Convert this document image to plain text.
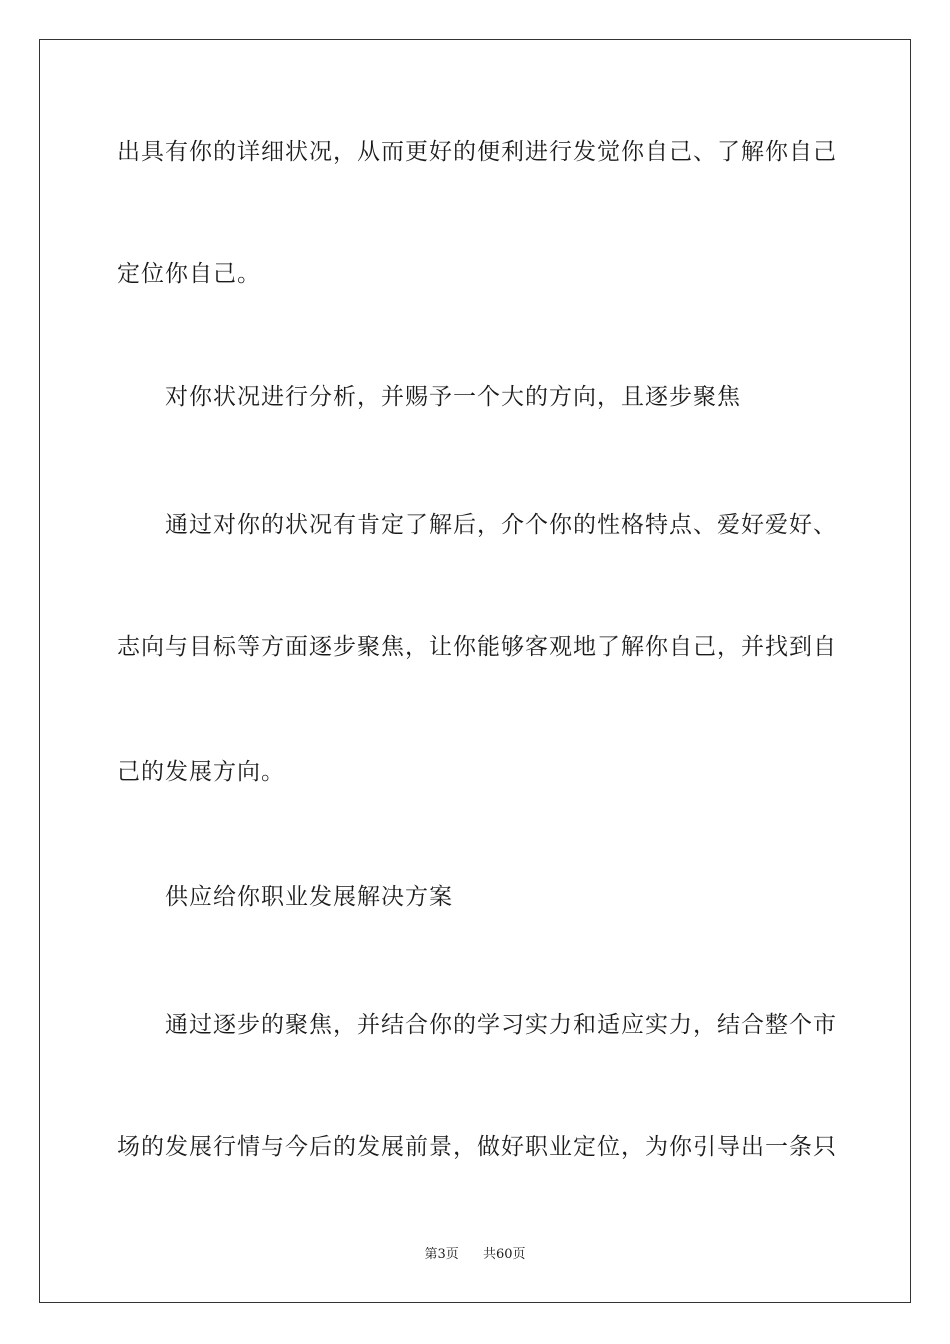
出具有你的详细状况，从而更好的便利进行发觉你自己、了解你自己
定位你自己。
对你状况进行分析，并赐予一个大的方向，且逐步聚焦
通过对你的状况有肯定了解后，介个你的性格特点、爱好爱好、
志向与目标等方面逐步聚焦，让你能够客观地了解你自己，并找到自
己的发展方向。
供应给你职业发展解决方案
通过逐步的聚焦，并结合你的学习实力和适应实力，结合整个市
场的发展行情与今后的发展前景，做好职业定位，为你引导出一条只
第3页 共60页
